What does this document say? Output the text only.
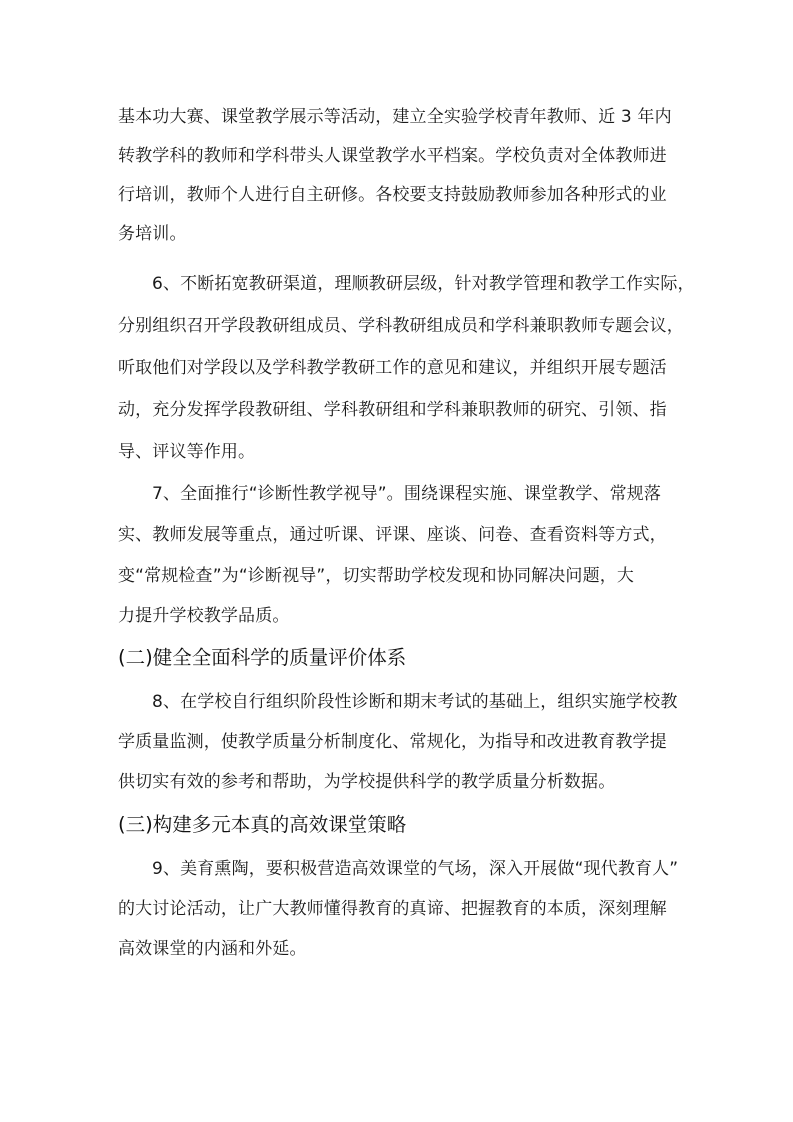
基本功大赛、课堂教学展示等活动，建立全实验学校青年教师、近 3 年内
转教学科的教师和学科带头人课堂教学水平档案。学校负责对全体教师进
行培训，教师个人进行自主研修。各校要支持鼓励教师参加各种形式的业
务培训。
6、不断拓宽教研渠道，理顺教研层级，针对教学管理和教学工作实际，
分别组织召开学段教研组成员、学科教研组成员和学科兼职教师专题会议，
听取他们对学段以及学科教学教研工作的意见和建议，并组织开展专题活
动，充分发挥学段教研组、学科教研组和学科兼职教师的研究、引领、指
导、评议等作用。
7、全面推行“诊断性教学视导”。围绕课程实施、课堂教学、常规落
实、教师发展等重点，通过听课、评课、座谈、问卷、查看资料等方式，
变“常规检查”为“诊断视导”，切实帮助学校发现和协同解决问题，大
力提升学校教学品质。
(二)健全全面科学的质量评价体系
8、在学校自行组织阶段性诊断和期末考试的基础上，组织实施学校教
学质量监测，使教学质量分析制度化、常规化，为指导和改进教育教学提
供切实有效的参考和帮助，为学校提供科学的教学质量分析数据。
(三)构建多元本真的高效课堂策略
9、美育熏陶，要积极营造高效课堂的气场，深入开展做“现代教育人”
的大讨论活动，让广大教师懂得教育的真谛、把握教育的本质，深刻理解
高效课堂的内涵和外延。
